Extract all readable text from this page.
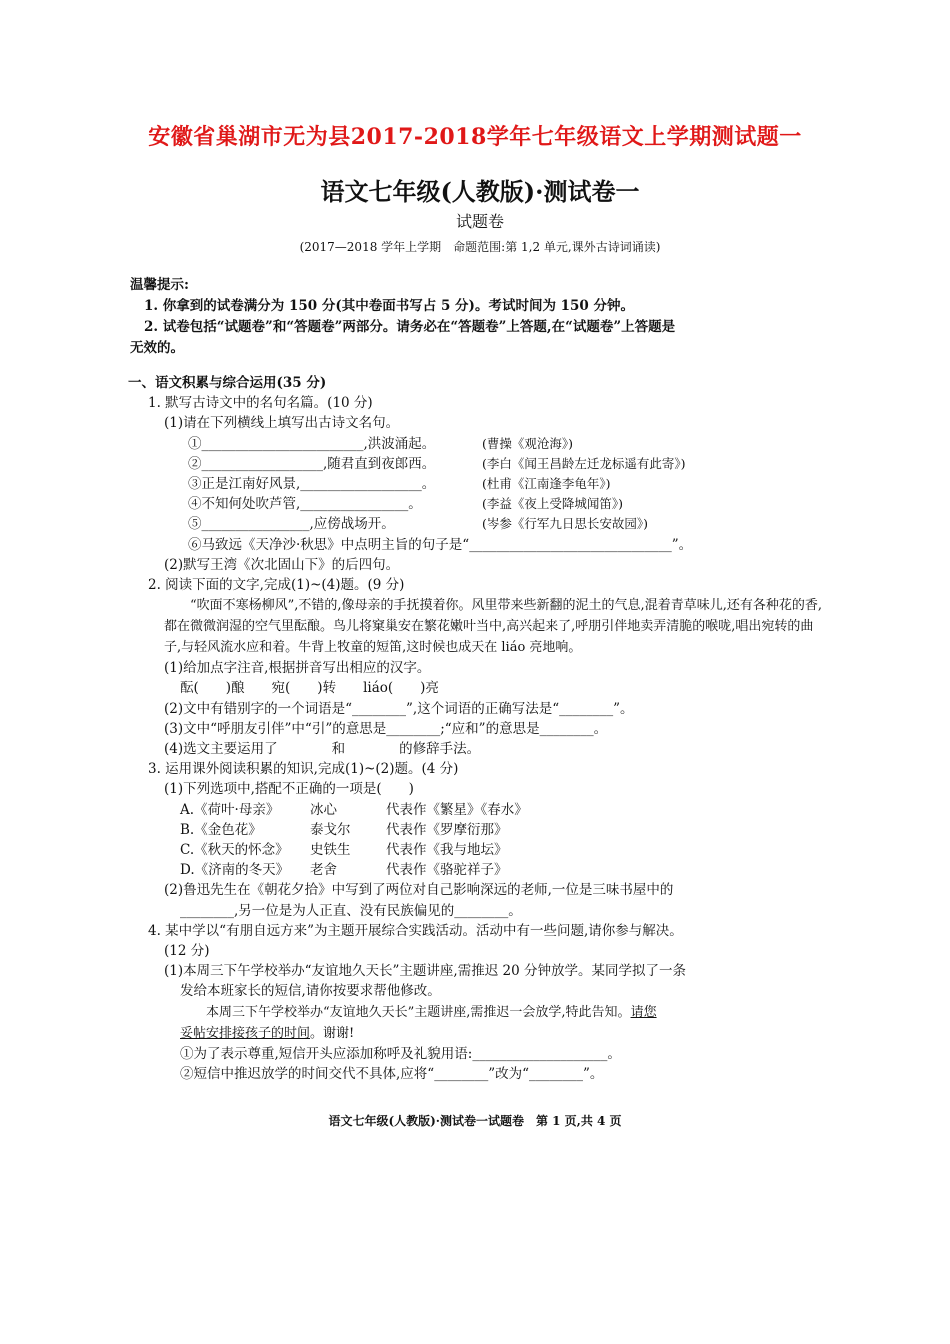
安徽省巢湖市无为县2017-2018学年七年级语文上学期测试题一
语文七年级(人教版)·测试卷一
试题卷
(2017—2018 学年上学期　命题范围:第 1,2 单元,课外古诗词诵读)
温馨提示:
1. 你拿到的试卷满分为 150 分(其中卷面书写占 5 分)。考试时间为 150 分钟。
2. 试卷包括“试题卷”和“答题卷”两部分。请务必在“答题卷”上答题,在“试题卷”上答题是
无效的。
一、语文积累与综合运用(35 分)
1. 默写古诗文中的名句名篇。(10 分)
(1)请在下列横线上填写出古诗文名句。
①________________________,洪波涌起。	(曹操《观沧海》)
②__________________,随君直到夜郎西。	(李白《闻王昌龄左迁龙标遥有此寄》)
③正是江南好风景,__________________。	(杜甫《江南逢李龟年》)
④不知何处吹芦管,________________。	(李益《夜上受降城闻笛》)
⑤________________,应傍战场开。	(岑参《行军九日思长安故园》)
⑥马致远《天净沙·秋思》中点明主旨的句子是“______________________________”。
(2)默写王湾《次北固山下》的后四句。
2. 阅读下面的文字,完成(1)~(4)题。(9 分)
“吹面不寒杨柳风”,不错的,像母亲的手抚摸着你。风里带来些新翻的泥土的气息,混着青草味儿,还有各种花的香,都在微微润湿的空气里酝酿。鸟儿将窠巢安在繁花嫩叶当中,高兴起来了,呼朋引伴地卖弄清脆的喉咙,唱出宛转的曲子,与轻风流水应和着。牛背上牧童的短笛,这时候也成天在 liáo 亮地响。
(1)给加点字注音,根据拼音写出相应的汉字。
酝(　　)酿　　宛(　　)转　　liáo(　　)亮
(2)文中有错别字的一个词语是“________”,这个词语的正确写法是“________”。
(3)文中“呼朋友引伴”中“引”的意思是________;“应和”的意思是________。
(4)选文主要运用了　　　　和　　　　的修辞手法。
3. 运用课外阅读积累的知识,完成(1)~(2)题。(4 分)
(1)下列选项中,搭配不正确的一项是(　　)
A.《荷叶·母亲》 冰心	代表作《繁星》《春水》
B.《金色花》	泰戈尔	代表作《罗摩衍那》
C.《秋天的怀念》 史铁生	代表作《我与地坛》
D.《济南的冬天》 老舍	代表作《骆驼祥子》
(2)鲁迅先生在《朝花夕拾》中写到了两位对自己影响深远的老师,一位是三味书屋中的
________,另一位是为人正直、没有民族偏见的________。
4. 某中学以“有朋自远方来”为主题开展综合实践活动。活动中有一些问题,请你参与解决。
(12 分)
(1)本周三下午学校举办“友谊地久天长”主题讲座,需推迟 20 分钟放学。某同学拟了一条
发给本班家长的短信,请你按要求帮他修改。
本周三下午学校举办“友谊地久天长”主题讲座,需推迟一会放学,特此告知。请您
妥帖安排接孩子的时间。谢谢!
①为了表示尊重,短信开头应添加称呼及礼貌用语:____________________。
②短信中推迟放学的时间交代不具体,应将“________”改为“________”。
语文七年级(人教版)·测试卷一试题卷　第 1 页,共 4 页
